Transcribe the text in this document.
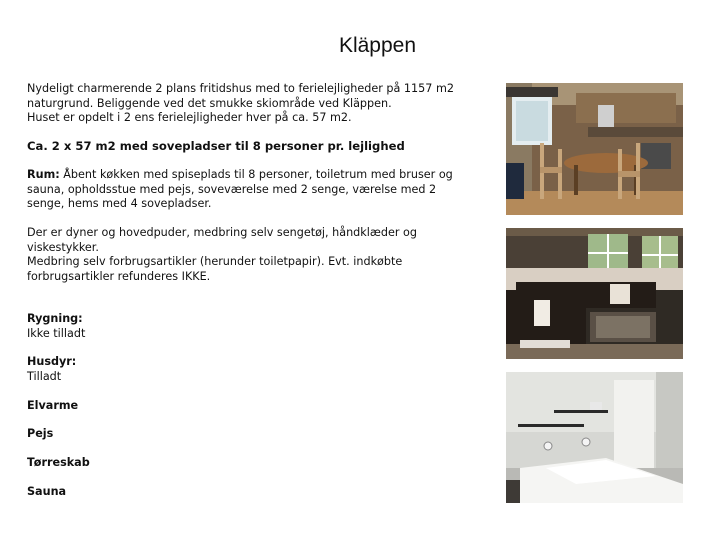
Kläppen

Nydeligt charmerende 2 plans fritidshus med to ferielejligheder på 1157 m2

naturgrund. Beliggende ved det smukke skiområde ved Kläppen.

Huset er opdelt i 2 ens ferielejligheder hver på ca. 57 m2.

Ca. 2 x 57 m2 med sovepladser til 8 personer pr. lejlighed

Rum: Åbent køkken med spiseplads til 8 personer, toiletrum med bruser og

sauna, opholdsstue med pejs, soveværelse med 2 senge, værelse med 2

senge, hems med 4 sovepladser.

Der er dyner og hovedpuder, medbring selv sengetøj, håndklæder og

viskestykker.

Medbring selv forbrugsartikler (herunder toiletpapir). Evt. indkøbte

forbrugsartikler refunderes IKKE.

Rygning:

Ikke tilladt

Husdyr:

Tilladt

Elvarme
Pejs
Tørreskab
Sauna
